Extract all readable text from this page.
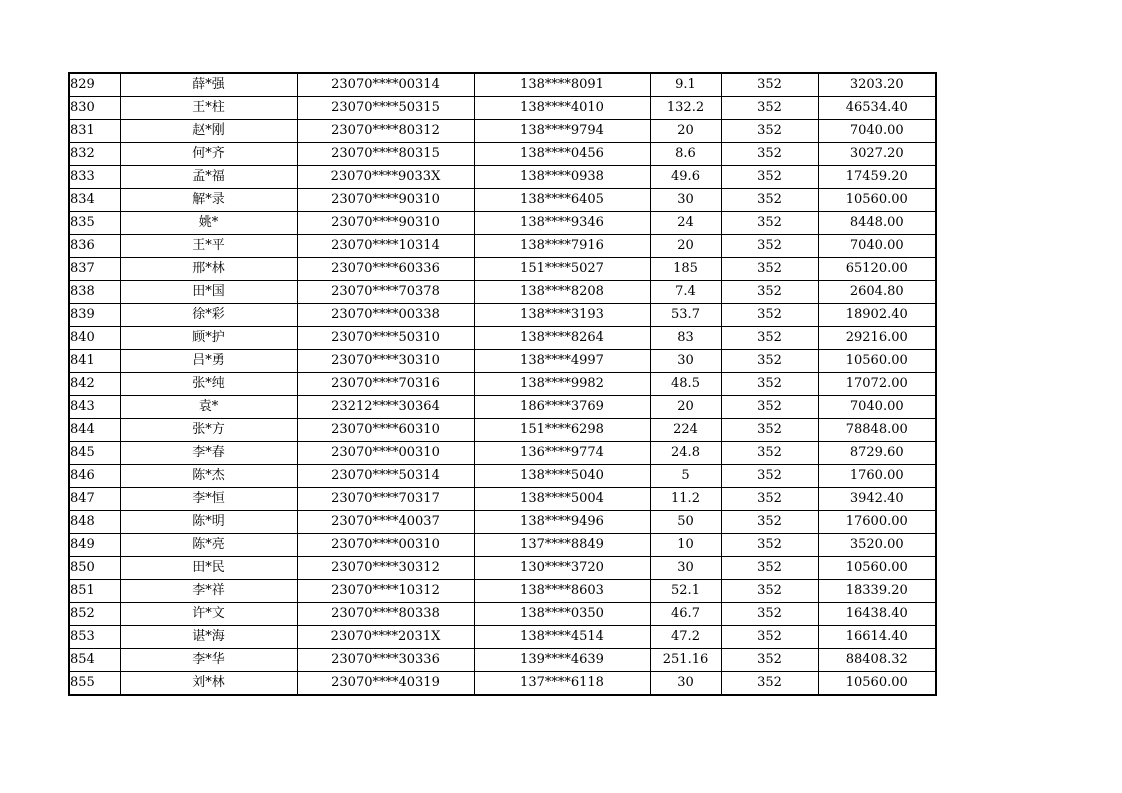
829	薛*强	23070****00314	138****8091	9.1	352	3203.20
830	王*柱	23070****50315	138****4010	132.2	352	46534.40
831	赵*刚	23070****80312	138****9794	20	352	7040.00
832	何*齐	23070****80315	138****0456	8.6	352	3027.20
833	孟*福	23070****9033X	138****0938	49.6	352	17459.20
834	解*录	23070****90310	138****6405	30	352	10560.00
835	姚*	23070****90310	138****9346	24	352	8448.00
836	王*平	23070****10314	138****7916	20	352	7040.00
837	邢*林	23070****60336	151****5027	185	352	65120.00
838	田*国	23070****70378	138****8208	7.4	352	2604.80
839	徐*彩	23070****00338	138****3193	53.7	352	18902.40
840	顾*护	23070****50310	138****8264	83	352	29216.00
841	吕*勇	23070****30310	138****4997	30	352	10560.00
842	张*纯	23070****70316	138****9982	48.5	352	17072.00
843	袁*	23212****30364	186****3769	20	352	7040.00
844	张*方	23070****60310	151****6298	224	352	78848.00
845	李*春	23070****00310	136****9774	24.8	352	8729.60
846	陈*杰	23070****50314	138****5040	5	352	1760.00
847	李*恒	23070****70317	138****5004	11.2	352	3942.40
848	陈*明	23070****40037	138****9496	50	352	17600.00
849	陈*亮	23070****00310	137****8849	10	352	3520.00
850	田*民	23070****30312	130****3720	30	352	10560.00
851	李*祥	23070****10312	138****8603	52.1	352	18339.20
852	许*文	23070****80338	138****0350	46.7	352	16438.40
853	谌*海	23070****2031X	138****4514	47.2	352	16614.40
854	李*华	23070****30336	139****4639	251.16	352	88408.32
855	刘*林	23070****40319	137****6118	30	352	10560.00
